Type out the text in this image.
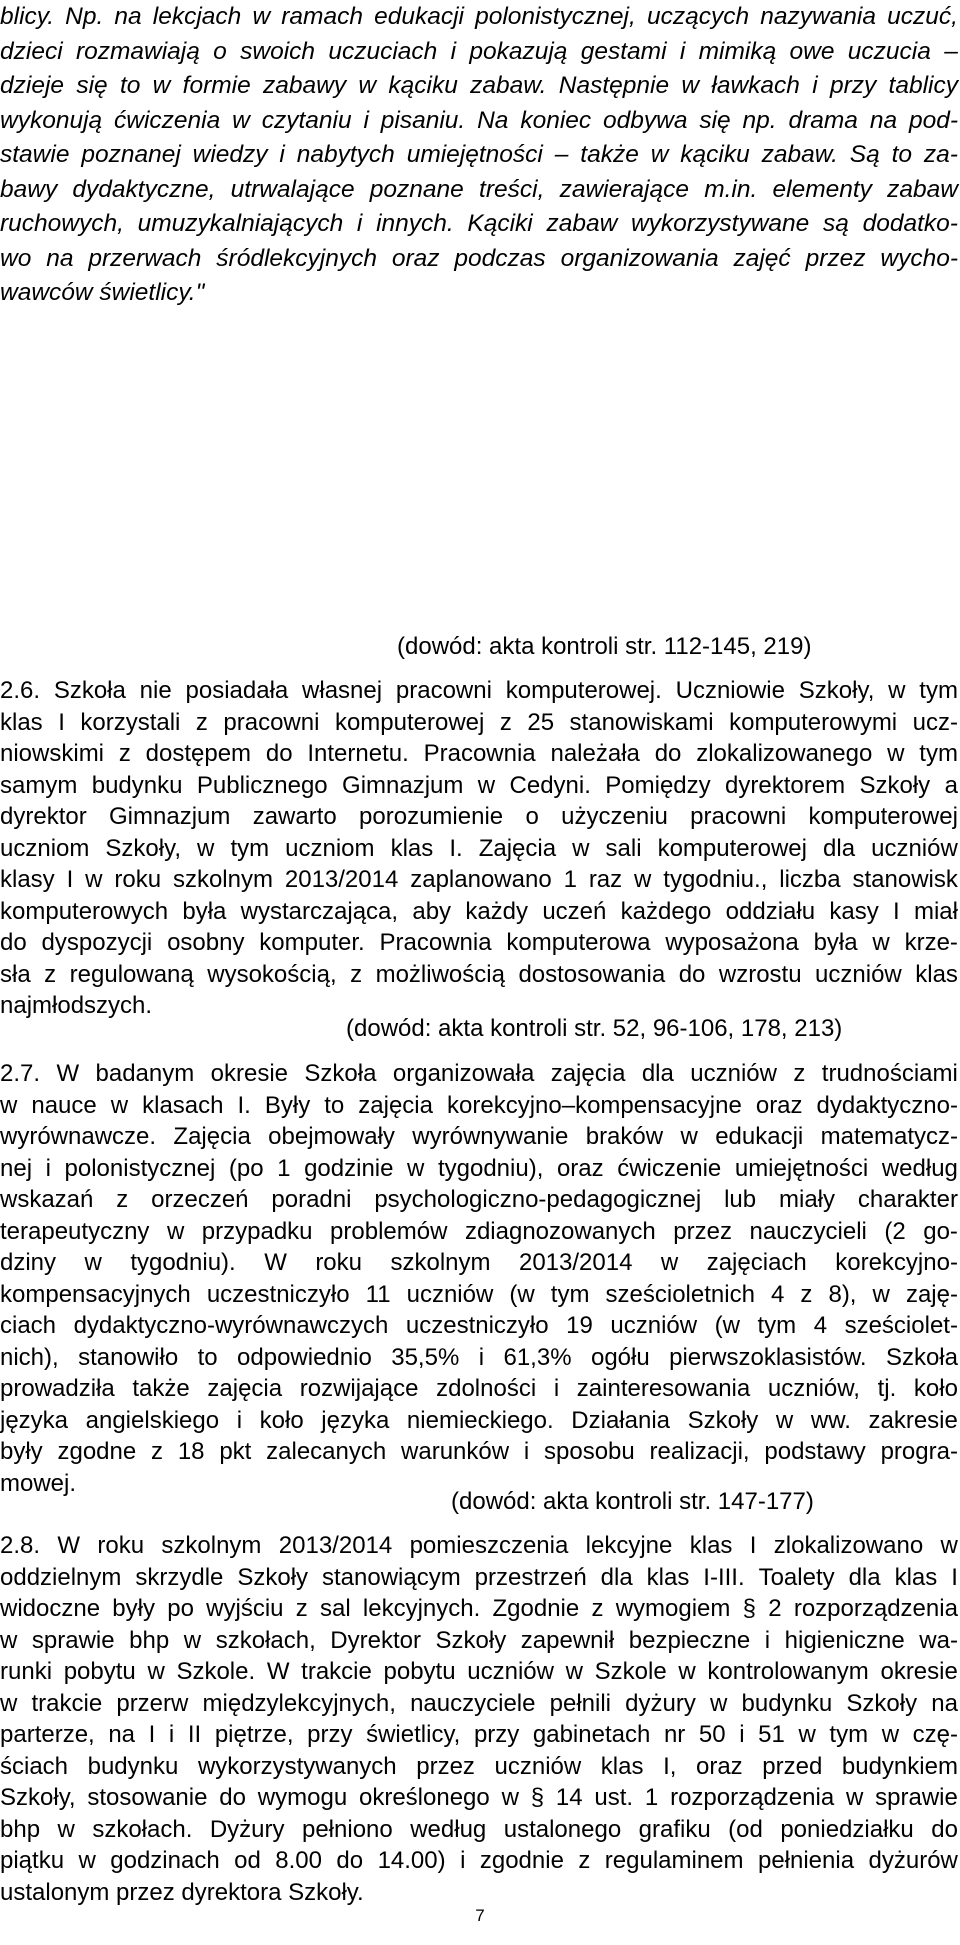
blicy. Np. na lekcjach w ramach edukacji polonistycznej, uczących nazywania uczuć,
dzieci rozmawiają o swoich uczuciach i pokazują gestami i mimiką owe uczucia –
dzieje się to w formie zabawy w kąciku zabaw. Następnie w ławkach i przy tablicy
wykonują ćwiczenia w czytaniu i pisaniu. Na koniec odbywa się np. drama na pod-
stawie poznanej wiedzy i nabytych umiejętności – także w kąciku zabaw. Są to za-
bawy dydaktyczne, utrwalające poznane treści, zawierające m.in. elementy zabaw
ruchowych, umuzykalniających i innych. Kąciki zabaw wykorzystywane są dodatko-
wo na przerwach śródlekcyjnych oraz podczas organizowania zajęć przez wycho-
wawców świetlicy."
(dowód: akta kontroli str. 112-145, 219)
2.6. Szkoła nie posiadała własnej pracowni komputerowej. Uczniowie Szkoły, w tym
klas I korzystali z pracowni komputerowej z 25 stanowiskami komputerowymi ucz-
niowskimi z dostępem do Internetu. Pracownia należała do zlokalizowanego w tym
samym budynku Publicznego Gimnazjum w Cedyni. Pomiędzy dyrektorem Szkoły a
dyrektor Gimnazjum zawarto porozumienie o użyczeniu pracowni komputerowej
uczniom Szkoły, w tym uczniom klas I. Zajęcia w sali komputerowej dla uczniów
klasy I w roku szkolnym 2013/2014 zaplanowano 1 raz w tygodniu., liczba stanowisk
komputerowych była wystarczająca, aby każdy uczeń każdego oddziału kasy I miał
do dyspozycji osobny komputer. Pracownia komputerowa wyposażona była w krze-
sła z regulowaną wysokością, z możliwością dostosowania do wzrostu uczniów klas
najmłodszych.
(dowód: akta kontroli str. 52, 96-106, 178, 213)
2.7. W badanym okresie Szkoła organizowała zajęcia dla uczniów z trudnościami
w nauce w klasach I. Były to zajęcia korekcyjno–kompensacyjne oraz dydaktyczno-
wyrównawcze. Zajęcia obejmowały wyrównywanie braków w edukacji matematycz-
nej i polonistycznej (po 1 godzinie w tygodniu), oraz ćwiczenie umiejętności według
wskazań z orzeczeń poradni psychologiczno-pedagogicznej lub miały charakter
terapeutyczny w przypadku problemów zdiagnozowanych przez nauczycieli (2 go-
dziny w tygodniu). W roku szkolnym 2013/2014 w zajęciach korekcyjno-
kompensacyjnych uczestniczyło 11 uczniów (w tym sześcioletnich 4 z 8), w zaję-
ciach dydaktyczno-wyrównawczych uczestniczyło 19 uczniów (w tym 4 sześciolet-
nich), stanowiło to odpowiednio 35,5% i 61,3% ogółu pierwszoklasistów. Szkoła
prowadziła także zajęcia rozwijające zdolności i zainteresowania uczniów, tj. koło
języka angielskiego i koło języka niemieckiego. Działania Szkoły w ww. zakresie
były zgodne z 18 pkt zalecanych warunków i sposobu realizacji, podstawy progra-
mowej.
(dowód: akta kontroli str. 147-177)
2.8. W roku szkolnym 2013/2014 pomieszczenia lekcyjne klas I zlokalizowano w
oddzielnym skrzydle Szkoły stanowiącym przestrzeń dla klas I-III. Toalety dla klas I
widoczne były po wyjściu z sal lekcyjnych. Zgodnie z wymogiem § 2 rozporządzenia
w sprawie bhp w szkołach, Dyrektor Szkoły zapewnił bezpieczne i higieniczne wa-
runki pobytu w Szkole. W trakcie pobytu uczniów w Szkole w kontrolowanym okresie
w trakcie przerw międzylekcyjnych, nauczyciele pełnili dyżury w budynku Szkoły na
parterze, na I i II piętrze, przy świetlicy, przy gabinetach nr 50 i 51 w tym w czę-
ściach budynku wykorzystywanych przez uczniów klas I, oraz przed budynkiem
Szkoły, stosowanie do wymogu określonego w § 14 ust. 1 rozporządzenia w sprawie
bhp w szkołach. Dyżury pełniono według ustalonego grafiku (od poniedziałku do
piątku w godzinach od 8.00 do 14.00) i zgodnie z regulaminem pełnienia dyżurów
ustalonym przez dyrektora Szkoły.
7
